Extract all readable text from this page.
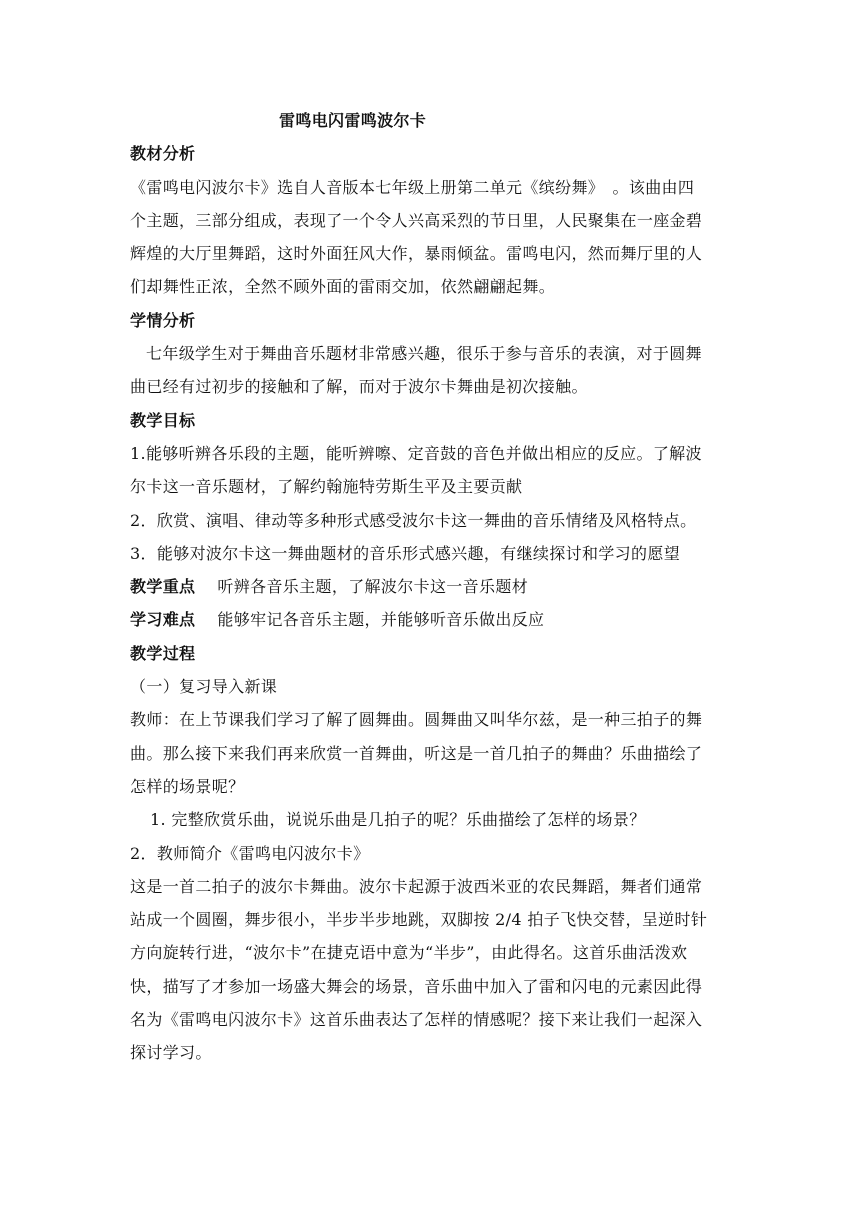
雷鸣电闪雷鸣波尔卡
教材分析
《雷鸣电闪波尔卡》选自人音版本七年级上册第二单元《缤纷舞》　。该曲由四
个主题，三部分组成，表现了一个令人兴高采烈的节日里，人民聚集在一座金碧
辉煌的大厅里舞蹈，这时外面狂风大作，暴雨倾盆。雷鸣电闪，然而舞厅里的人
们却舞性正浓，全然不顾外面的雷雨交加，依然翩翩起舞。
学情分析
七年级学生对于舞曲音乐题材非常感兴趣，很乐于参与音乐的表演，对于圆舞
曲已经有过初步的接触和了解，而对于波尔卡舞曲是初次接触。
教学目标
1.能够听辨各乐段的主题，能听辨嚓、定音鼓的音色并做出相应的反应。了解波
尔卡这一音乐题材，了解约翰施特劳斯生平及主要贡献
2．欣赏、演唱、律动等多种形式感受波尔卡这一舞曲的音乐情绪及风格特点。
3．能够对波尔卡这一舞曲题材的音乐形式感兴趣，有继续探讨和学习的愿望
教学重点 听辨各音乐主题，了解波尔卡这一音乐题材
学习难点 能够牢记各音乐主题，并能够听音乐做出反应
教学过程
（一）复习导入新课
教师：在上节课我们学习了解了圆舞曲。圆舞曲又叫华尔兹，是一种三拍子的舞
曲。那么接下来我们再来欣赏一首舞曲，听这是一首几拍子的舞曲？乐曲描绘了
怎样的场景呢？
1. 完整欣赏乐曲，说说乐曲是几拍子的呢？乐曲描绘了怎样的场景？
2．教师简介《雷鸣电闪波尔卡》
这是一首二拍子的波尔卡舞曲。波尔卡起源于波西米亚的农民舞蹈，舞者们通常
站成一个圆圈，舞步很小，半步半步地跳，双脚按 2/4 拍子飞快交替，呈逆时针
方向旋转行进，“波尔卡”在捷克语中意为“半步”，由此得名。这首乐曲活泼欢
快，描写了才参加一场盛大舞会的场景，音乐曲中加入了雷和闪电的元素因此得
名为《雷鸣电闪波尔卡》这首乐曲表达了怎样的情感呢？接下来让我们一起深入
探讨学习。
